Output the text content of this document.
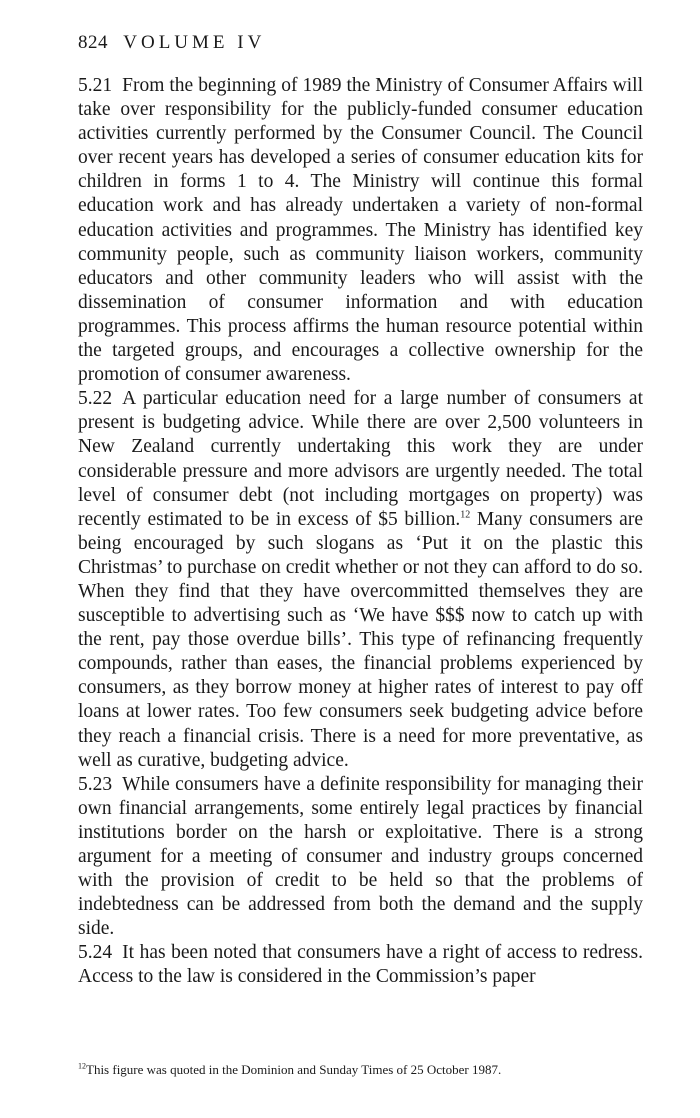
824 VOLUME IV

5.21 From the beginning of 1989 the Ministry of Consumer Affairs will take over responsibility for the publicly-funded consumer education activities currently performed by the Consumer Council. The Council over recent years has developed a series of consumer education kits for children in forms 1 to 4. The Ministry will continue this formal education work and has already undertaken a variety of non-formal education activities and programmes. The Ministry has identified key community people, such as community liaison workers, community educators and other community leaders who will assist with the dissemination of consumer information and with education programmes. This process affirms the human resource potential within the targeted groups, and encourages a collective ownership for the promotion of consumer awareness.

5.22 A particular education need for a large number of consumers at present is budgeting advice. While there are over 2,500 volunteers in New Zealand currently undertaking this work they are under considerable pressure and more advisors are urgently needed. The total level of consumer debt (not including mortgages on property) was recently estimated to be in excess of $5 billion.$^{12}$ Many consumers are being encouraged by such slogans as ‘Put it on the plastic this Christmas’ to purchase on credit whether or not they can afford to do so. When they find that they have overcommitted themselves they are susceptible to advertising such as ‘We have $$$ now to catch up with the rent, pay those overdue bills’. This type of refinancing frequently compounds, rather than eases, the financial problems experienced by consumers, as they borrow money at higher rates of interest to pay off loans at lower rates. Too few consumers seek budgeting advice before they reach a financial crisis. There is a need for more preventative, as well as curative, budgeting advice.

5.23 While consumers have a definite responsibility for managing their own financial arrangements, some entirely legal practices by financial institutions border on the harsh or exploitative. There is a strong argument for a meeting of consumer and industry groups concerned with the provision of credit to be held so that the problems of indebtedness can be addressed from both the demand and the supply side.

5.24 It has been noted that consumers have a right of access to redress. Access to the law is considered in the Commission’s paper

$^{12}$This figure was quoted in the Dominion and Sunday Times of 25 October 1987.
